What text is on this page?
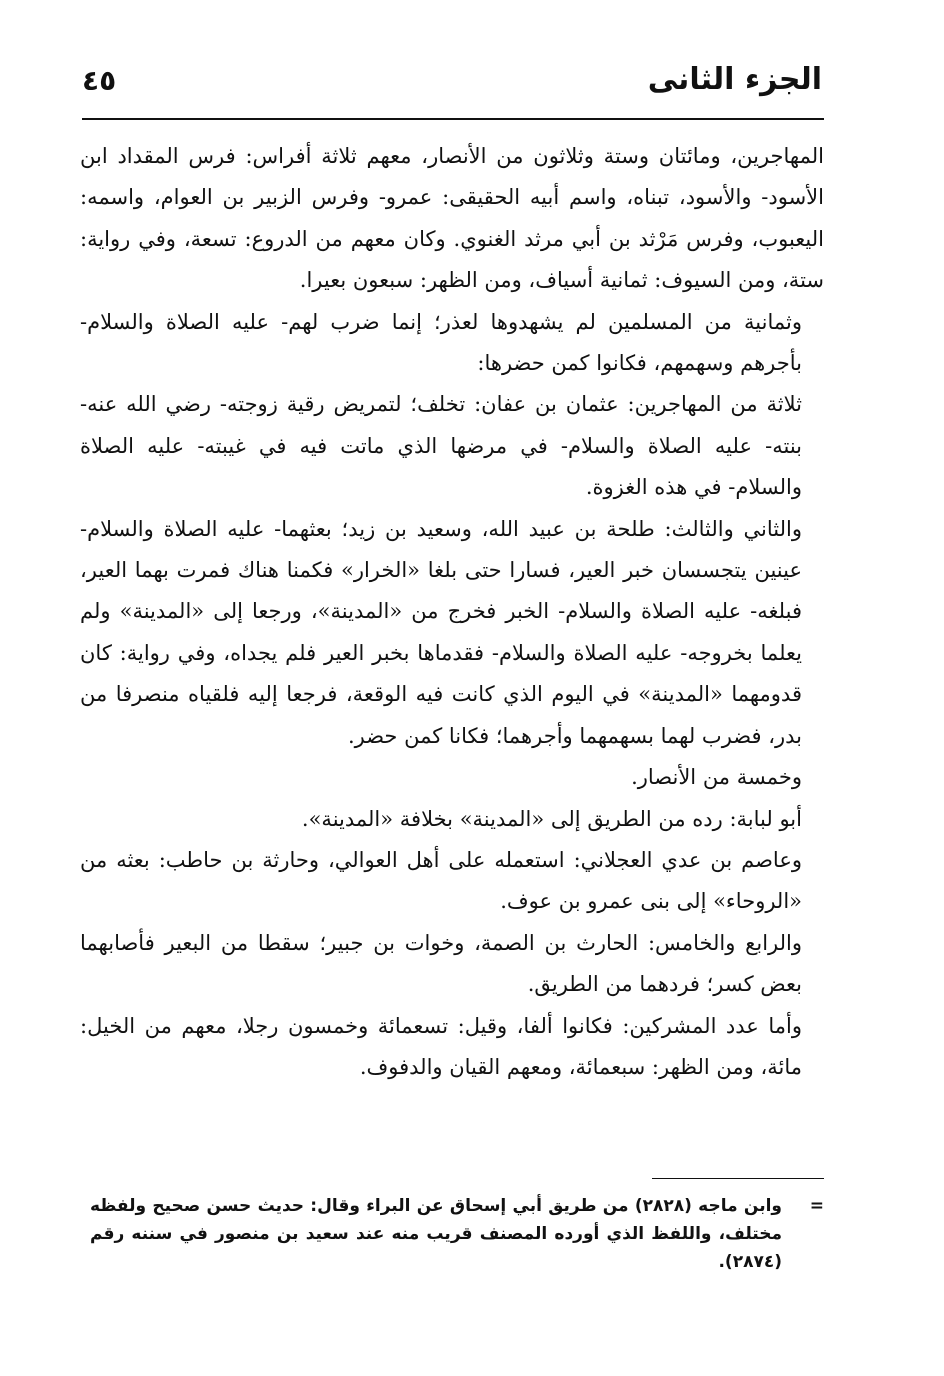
الجزء الثانى
٤٥

المهاجرين، ومائتان وستة وثلاثون من الأنصار، معهم ثلاثة أفراس: فرس المقداد ابن الأسود- والأسود، تبناه، واسم أبيه الحقيقى: عمرو- وفرس الزبير بن العوام، واسمه: اليعبوب، وفرس مَرْثد بن أبي مرثد الغنوي. وكان معهم من الدروع: تسعة، وفي رواية: ستة، ومن السيوف: ثمانية أسياف، ومن الظهر: سبعون بعيرا.

وثمانية من المسلمين لم يشهدوها لعذر؛ إنما ضرب لهم- عليه الصلاة والسلام- بأجرهم وسهمهم، فكانوا كمن حضرها:

ثلاثة من المهاجرين: عثمان بن عفان: تخلف؛ لتمريض رقية زوجته- رضي الله عنه- بنته- عليه الصلاة والسلام- في مرضها الذي ماتت فيه في غيبته- عليه الصلاة والسلام- في هذه الغزوة.

والثاني والثالث: طلحة بن عبيد الله، وسعيد بن زيد؛ بعثهما- عليه الصلاة والسلام- عينين يتجسسان خبر العير، فسارا حتى بلغا «الخرار» فكمنا هناك فمرت بهما العير، فبلغه- عليه الصلاة والسلام- الخبر فخرج من «المدينة»، ورجعا إلى «المدينة» ولم يعلما بخروجه- عليه الصلاة والسلام- فقدماها بخبر العير فلم يجداه، وفي رواية: كان قدومهما «المدينة» في اليوم الذي كانت فيه الوقعة، فرجعا إليه فلقياه منصرفا من بدر، فضرب لهما بسهمهما وأجرهما؛ فكانا كمن حضر.

وخمسة من الأنصار.

أبو لبابة: رده من الطريق إلى «المدينة» بخلافة «المدينة».

وعاصم بن عدي العجلاني: استعمله على أهل العوالي، وحارثة بن حاطب: بعثه من «الروحاء» إلى بنى عمرو بن عوف.

والرابع والخامس: الحارث بن الصمة، وخوات بن جبير؛ سقطا من البعير فأصابهما بعض كسر؛ فردهما من الطريق.

وأما عدد المشركين: فكانوا ألفا، وقيل: تسعمائة وخمسون رجلا، معهم من الخيل: مائة، ومن الظهر: سبعمائة، ومعهم القيان والدفوف.

=
وابن ماجه (٢٨٢٨) من طريق أبي إسحاق عن البراء وقال: حديث حسن صحيح ولفظه مختلف، واللفظ الذي أورده المصنف قريب منه عند سعيد بن منصور في سننه رقم (٢٨٧٤).
